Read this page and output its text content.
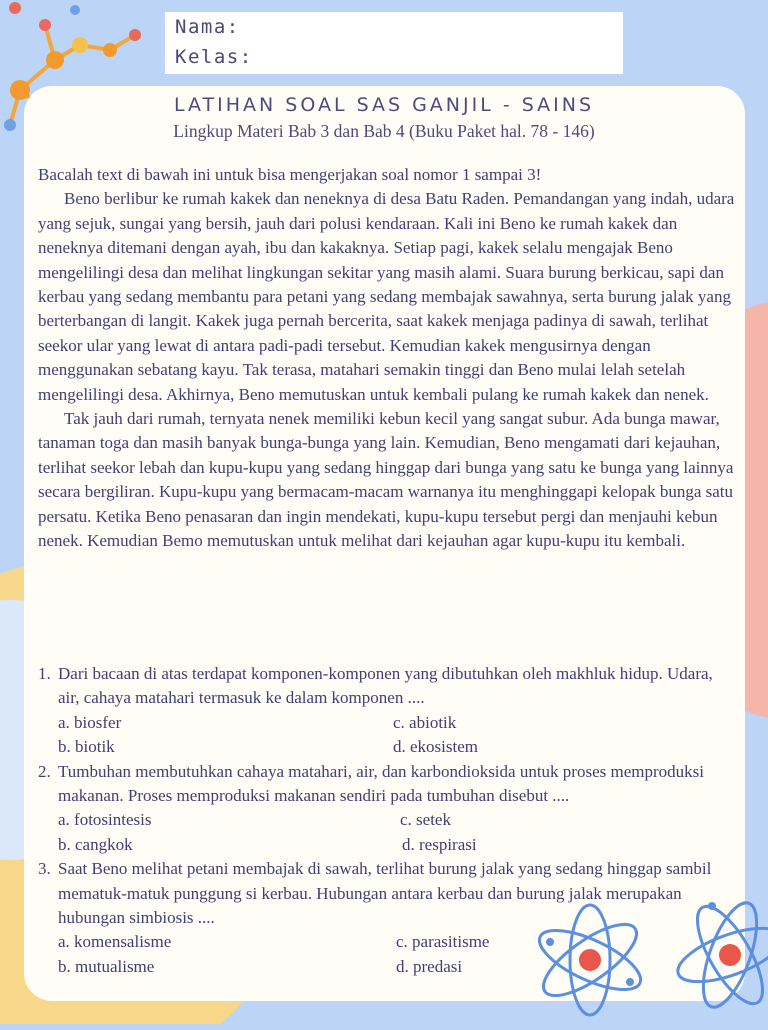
Nama:
Kelas:
LATIHAN SOAL SAS GANJIL - SAINS
Lingkup Materi Bab 3 dan Bab 4 (Buku Paket hal. 78 - 146)

Bacalah text di bawah ini untuk bisa mengerjakan soal nomor 1 sampai 3!

Beno berlibur ke rumah kakek dan neneknya di desa Batu Raden. Pemandangan yang indah, udara yang sejuk, sungai yang bersih, jauh dari polusi kendaraan. Kali ini Beno ke rumah kakek dan neneknya ditemani dengan ayah, ibu dan kakaknya. Setiap pagi, kakek selalu mengajak Beno mengelilingi desa dan melihat lingkungan sekitar yang masih alami. Suara burung berkicau, sapi dan kerbau yang sedang membantu para petani yang sedang membajak sawahnya, serta burung jalak yang berterbangan di langit. Kakek juga pernah bercerita, saat kakek menjaga padinya di sawah, terlihat seekor ular yang lewat di antara padi-padi tersebut. Kemudian kakek mengusirnya dengan menggunakan sebatang kayu. Tak terasa, matahari semakin tinggi dan Beno mulai lelah setelah mengelilingi desa. Akhirnya, Beno memutuskan untuk kembali pulang ke rumah kakek dan nenek.

Tak jauh dari rumah, ternyata nenek memiliki kebun kecil yang sangat subur. Ada bunga mawar, tanaman toga dan masih banyak bunga-bunga yang lain. Kemudian, Beno mengamati dari kejauhan, terlihat seekor lebah dan kupu-kupu yang sedang hinggap dari bunga yang satu ke bunga yang lainnya secara bergiliran. Kupu-kupu yang bermacam-macam warnanya itu menghinggapi kelopak bunga satu persatu. Ketika Beno penasaran dan ingin mendekati, kupu-kupu tersebut pergi dan menjauhi kebun nenek. Kemudian Bemo memutuskan untuk melihat dari kejauhan agar kupu-kupu itu kembali.

1. Dari bacaan di atas terdapat komponen-komponen yang dibutuhkan oleh makhluk hidup. Udara, air, cahaya matahari termasuk ke dalam komponen ....
a. biosfer	c. abiotik
b. biotik	d. ekosistem
2. Tumbuhan membutuhkan cahaya matahari, air, dan karbondioksida untuk proses memproduksi makanan. Proses memproduksi makanan sendiri pada tumbuhan disebut ....
a. fotosintesis	c. setek
b. cangkok	d. respirasi
3. Saat Beno melihat petani membajak di sawah, terlihat burung jalak yang sedang hinggap sambil mematuk-matuk punggung si kerbau. Hubungan antara kerbau dan burung jalak merupakan hubungan simbiosis ....
a. komensalisme	c. parasitisme
b. mutualisme	d. predasi
